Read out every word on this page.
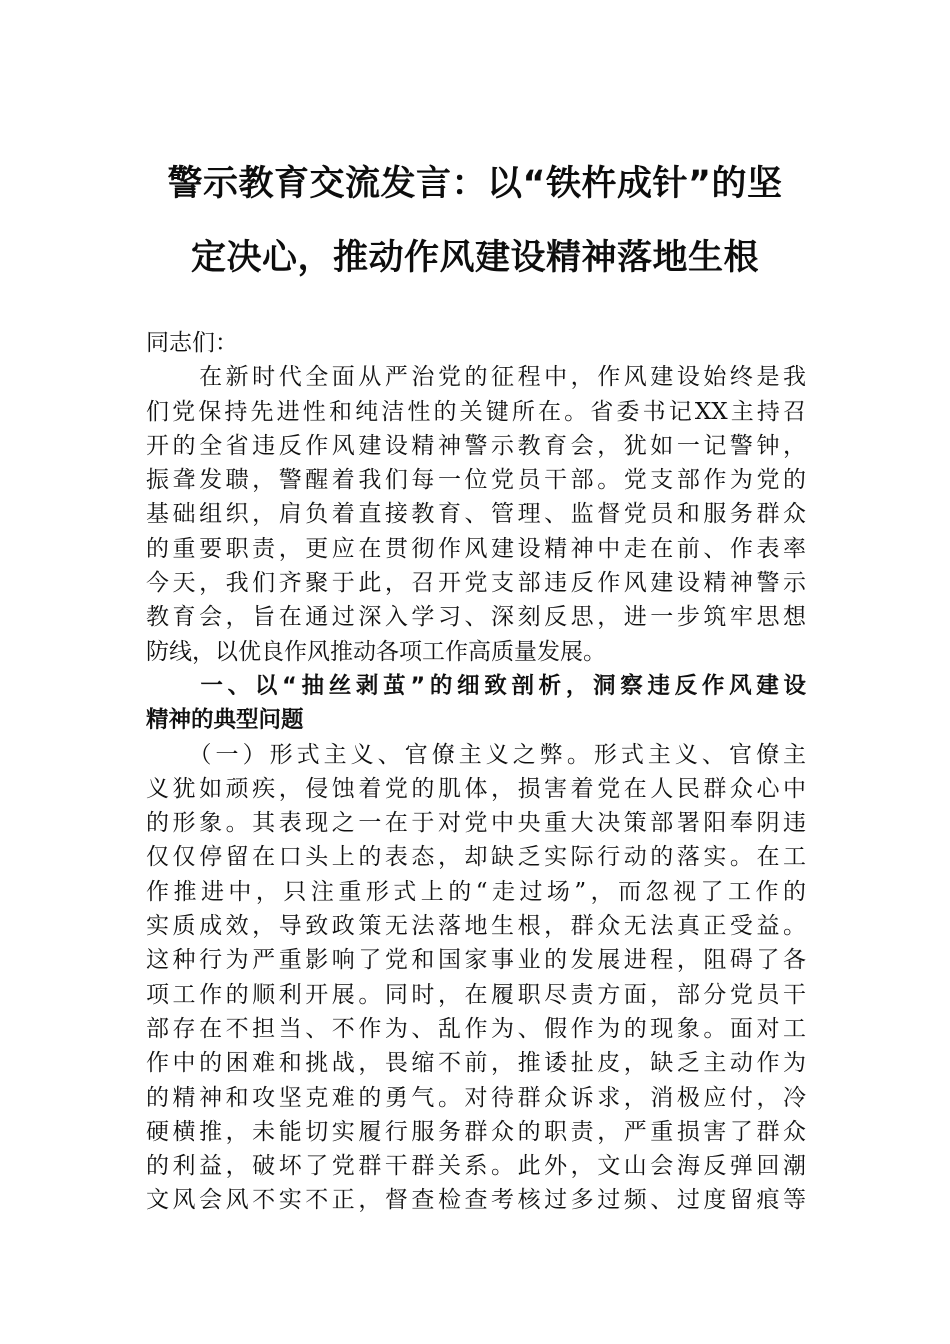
警示教育交流发言：以“铁杵成针”的坚
定决心，推动作风建设精神落地生根
同志们：
　　在新时代全面从严治党的征程中，作风建设始终是我
们党保持先进性和纯洁性的关键所在。省委书记XX主持召
开的全省违反作风建设精神警示教育会，犹如一记警钟，
振聋发聩，警醒着我们每一位党员干部。党支部作为党的
基础组织，肩负着直接教育、管理、监督党员和服务群众
的重要职责，更应在贯彻作风建设精神中走在前、作表率
今天，我们齐聚于此，召开党支部违反作风建设精神警示
教育会，旨在通过深入学习、深刻反思，进一步筑牢思想
防线，以优良作风推动各项工作高质量发展。
　　一、以“抽丝剥茧”的细致剖析，洞察违反作风建设
精神的典型问题
　　（一）形式主义、官僚主义之弊。形式主义、官僚主
义犹如顽疾，侵蚀着党的肌体，损害着党在人民群众心中
的形象。其表现之一在于对党中央重大决策部署阳奉阴违
仅仅停留在口头上的表态，却缺乏实际行动的落实。在工
作推进中，只注重形式上的“走过场”，而忽视了工作的
实质成效，导致政策无法落地生根，群众无法真正受益。
这种行为严重影响了党和国家事业的发展进程，阻碍了各
项工作的顺利开展。同时，在履职尽责方面，部分党员干
部存在不担当、不作为、乱作为、假作为的现象。面对工
作中的困难和挑战，畏缩不前，推诿扯皮，缺乏主动作为
的精神和攻坚克难的勇气。对待群众诉求，消极应付，冷
硬横推，未能切实履行服务群众的职责，严重损害了群众
的利益，破坏了党群干群关系。此外，文山会海反弹回潮
文风会风不实不正，督查检查考核过多过频、过度留痕等
